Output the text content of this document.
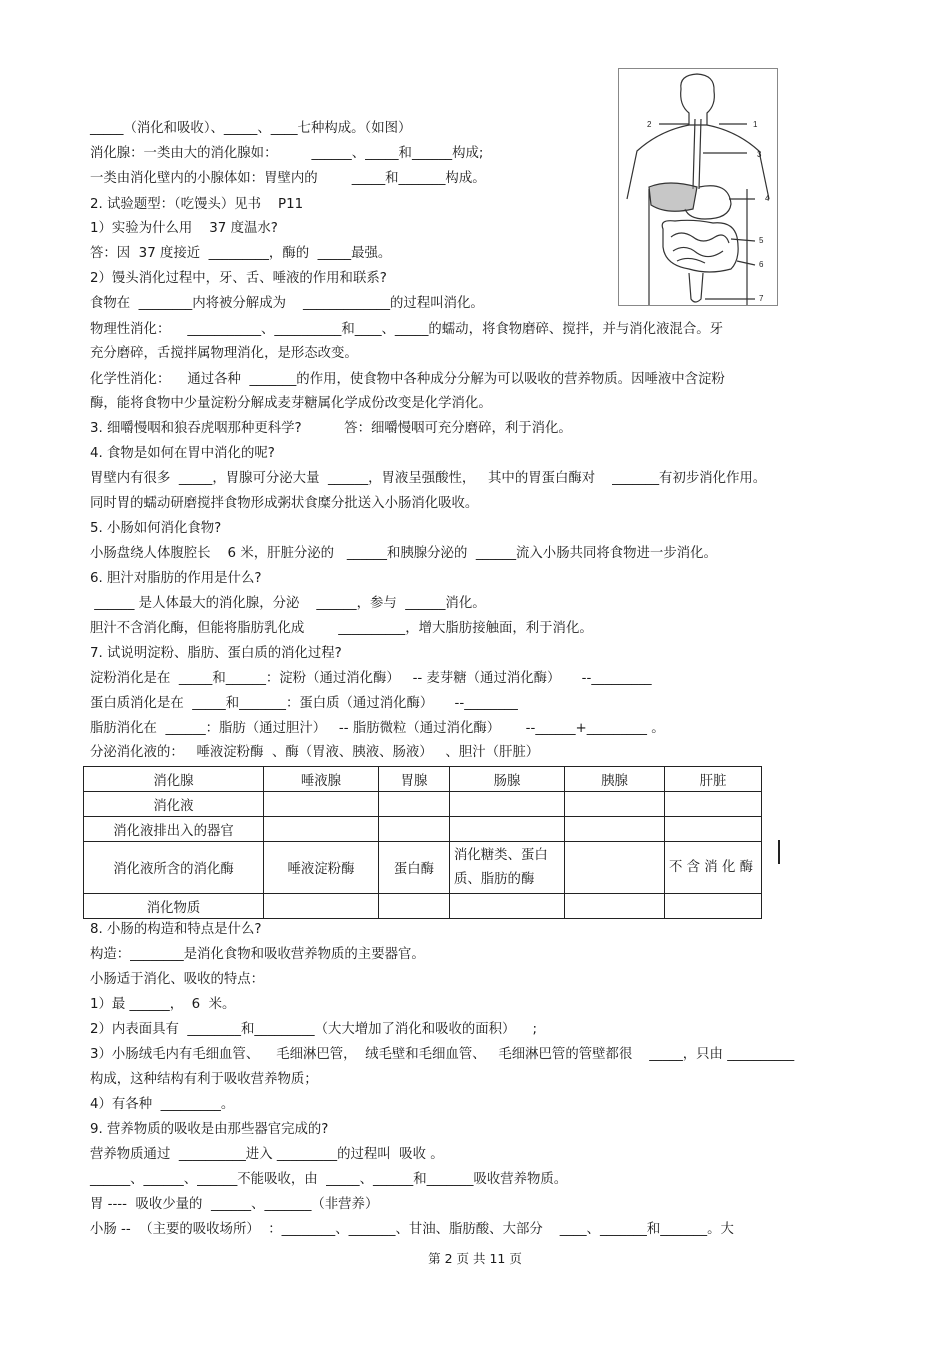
2	1
3
4
5
6
7
_____（消化和吸收）、_____、____七种构成。（如图）
消化腺：一类由大的消化腺如：        ______、_____和______构成;
一类由消化壁内的小腺体如：胃壁内的        _____和_______构成。
2. 试验题型：（吃馒头）见书    P11
1）实验为什么用    37 度温水?
答：因  37 度接近  _________，酶的  _____最强。
2）馒头消化过程中，牙、舌、唾液的作用和联系?
食物在  ________内将被分解成为    _____________的过程叫消化。
物理性消化：    ___________、__________和____、_____的蠕动，将食物磨碎、搅拌，并与消化液混合。牙
充分磨碎，舌搅拌属物理消化，是形态改变。
化学性消化：    通过各种  _______的作用，使食物中各种成分分解为可以吸收的营养物质。因唾液中含淀粉
酶，能将食物中少量淀粉分解成麦芽糖属化学成份改变是化学消化。
3. 细嚼慢咽和狼吞虎咽那种更科学?          答：细嚼慢咽可充分磨碎，利于消化。
4. 食物是如何在胃中消化的呢?
胃壁内有很多  _____，胃腺可分泌大量  ______，胃液呈强酸性，   其中的胃蛋白酶对    _______有初步消化作用。
同时胃的蠕动研磨搅拌食物形成粥状食糜分批送入小肠消化吸收。
5. 小肠如何消化食物?
小肠盘绕人体腹腔长    6 米，肝脏分泌的   ______和胰腺分泌的  ______流入小肠共同将食物进一步消化。
6. 胆汁对脂肪的作用是什么?
______ 是人体最大的消化腺，分泌    ______，参与  ______消化。
胆汁不含消化酶，但能将脂肪乳化成        __________，增大脂肪接触面，利于消化。
7. 试说明淀粉、脂肪、蛋白质的消化过程?
淀粉消化是在  _____和______：淀粉（通过消化酶）   -- 麦芽糖（通过消化酶）     --_________
蛋白质消化是在  _____和_______：蛋白质（通过消化酶）     --________
脂肪消化在  ______：脂肪（通过胆汁）   -- 脂肪微粒（通过消化酶）      --______+_________ 。
分泌消化液的：   唾液淀粉酶  、酶（胃液、胰液、肠液）   、胆汁（肝脏）
消化腺	唾液腺	胃腺	肠腺	胰腺	肝脏
消化液					
消化液排出入的器官					
消化液所含的消化酶	唾液淀粉酶	蛋白酶	消化糖类、蛋白质、脂肪的酶		不 含 消 化 酶
消化物质					
8. 小肠的构造和特点是什么?
构造：________是消化食物和吸收营养物质的主要器官。
小肠适于消化、吸收的特点：
1）最 ______，  6  米。
2）内表面具有  ________和_________（大大增加了消化和吸收的面积）    ;
3）小肠绒毛内有毛细血管、    毛细淋巴管，  绒毛壁和毛细血管、   毛细淋巴管的管壁都很    _____，只由 __________
构成，这种结构有利于吸收营养物质；
4）有各种  _________。
9. 营养物质的吸收是由那些器官完成的?
营养物质通过  __________进入 _________的过程叫  吸收 。
______、______、______不能吸收，由  _____、______和_______吸收营养物质。
胃 ----  吸收少量的  ______、_______（非营养）
小肠 --  （主要的吸收场所）  ：________、_______、甘油、脂肪酸、大部分    ____、_______和_______。大
第 2 页 共 11 页
